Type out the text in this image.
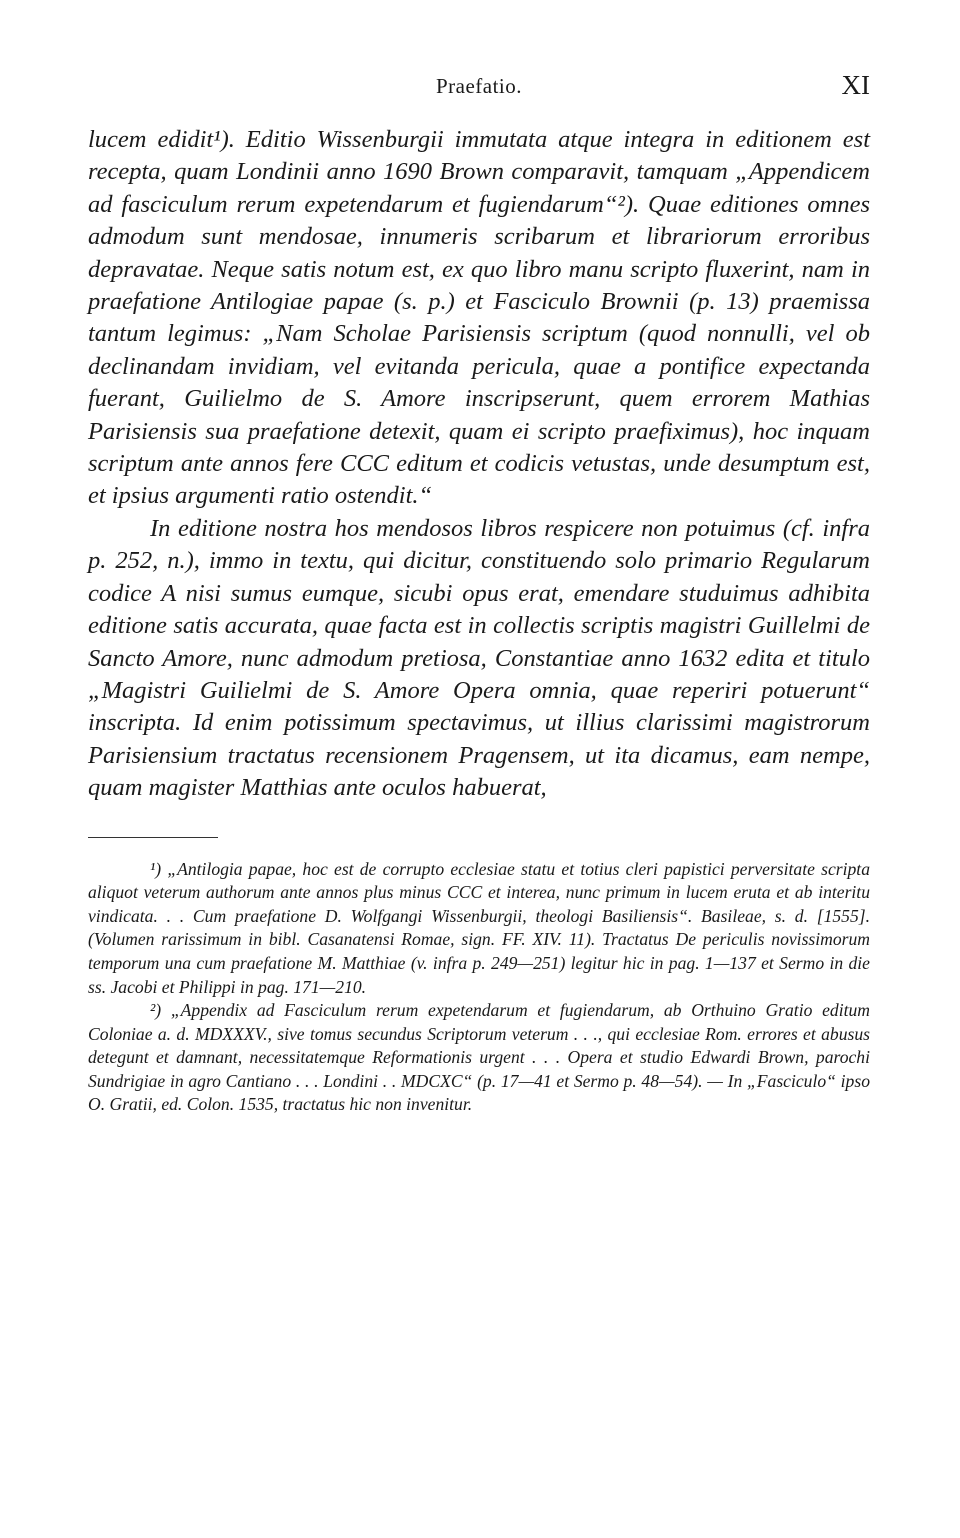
Praefatio.	XI

lucem edidit¹). Editio Wissenburgii immutata atque integra in editionem est recepta, quam Londinii anno 1690 Brown comparavit, tamquam „Appendicem ad fasciculum rerum expetendarum et fugiendarum“²). Quae editiones omnes admodum sunt mendosae, innumeris scribarum et librariorum erroribus depravatae. Neque satis notum est, ex quo libro manu scripto fluxerint, nam in praefatione Antilogiae papae (s. p.) et Fasciculo Brownii (p. 13) praemissa tantum legimus: „Nam Scholae Parisiensis scriptum (quod nonnulli, vel ob declinandam invidiam, vel evitanda pericula, quae a pontifice expectanda fuerant, Guilielmo de S. Amore inscripserunt, quem errorem Mathias Parisiensis sua praefatione detexit, quam ei scripto praefiximus), hoc inquam scriptum ante annos fere CCC editum et codicis vetustas, unde desumptum est, et ipsius argumenti ratio ostendit.“

In editione nostra hos mendosos libros respicere non potuimus (cf. infra p. 252, n.), immo in textu, qui dicitur, constituendo solo primario Regularum codice A nisi sumus eumque, sicubi opus erat, emendare studuimus adhibita editione satis accurata, quae facta est in collectis scriptis magistri Guillelmi de Sancto Amore, nunc admodum pretiosa, Constantiae anno 1632 edita et titulo „Magistri Guilielmi de S. Amore Opera omnia, quae reperiri potuerunt“ inscripta. Id enim potissimum spectavimus, ut illius clarissimi magistrorum Parisiensium tractatus recensionem Pragensem, ut ita dicamus, eam nempe, quam magister Matthias ante oculos habuerat,

¹) „Antilogia papae, hoc est de corrupto ecclesiae statu et totius cleri papistici perversitate scripta aliquot veterum authorum ante annos plus minus CCC et interea, nunc primum in lucem eruta et ab interitu vindicata. . . Cum praefatione D. Wolfgangi Wissenburgii, theologi Basiliensis“. Basileae, s. d. [1555]. (Volumen rarissimum in bibl. Casanatensi Romae, sign. FF. XIV. 11). Tractatus De periculis novissimorum temporum una cum praefatione M. Matthiae (v. infra p. 249—251) legitur hic in pag. 1—137 et Sermo in die ss. Jacobi et Philippi in pag. 171—210.

²) „Appendix ad Fasciculum rerum expetendarum et fugiendarum, ab Orthuino Gratio editum Coloniae a. d. MDXXXV., sive tomus secundus Scriptorum veterum . . ., qui ecclesiae Rom. errores et abusus detegunt et damnant, necessitatemque Reformationis urgent . . . Opera et studio Edwardi Brown, parochi Sundrigiae in agro Cantiano . . . Londini . . MDCXC“ (p. 17—41 et Sermo p. 48—54). — In „Fasciculo“ ipso O. Gratii, ed. Colon. 1535, tractatus hic non invenitur.
